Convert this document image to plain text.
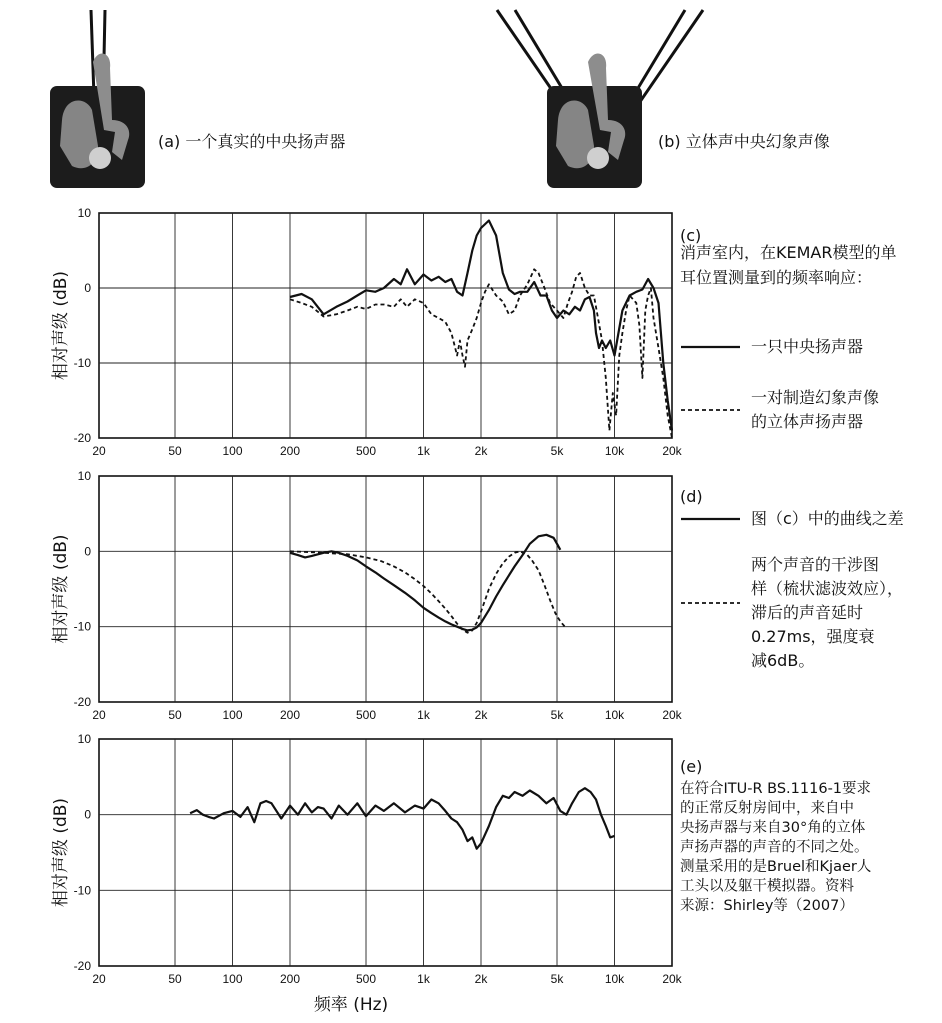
(a) 一个真实的中央扬声器	(b) 立体声中央幻象声像
20	50	100	200	500	1k	2k	5k	10k	20k
10
0
-10
-20
相对声级 (dB)
(c)
消声室内，在KEMAR模型的单
耳位置测量到的频率响应：
一只中央扬声器
一对制造幻象声像
的立体声扬声器
20	50	100	200	500	1k	2k	5k	10k	20k
10
0
-10
-20
相对声级 (dB)
(d)
图（c）中的曲线之差
两个声音的干涉图
样（梳状滤波效应），
滞后的声音延时
0.27ms，强度衰
减6dB。
20	50	100	200	500	1k	2k	5k	10k	20k
10
0
-10
-20
相对声级 (dB)
(e)
在符合ITU-R BS.1116-1要求
的正常反射房间中，来自中
央扬声器与来自30°角的立体
声扬声器的声音的不同之处。
测量采用的是Bruel和Kjaer人
工头以及躯干模拟器。资料
来源：Shirley等（2007）
频率 (Hz)
